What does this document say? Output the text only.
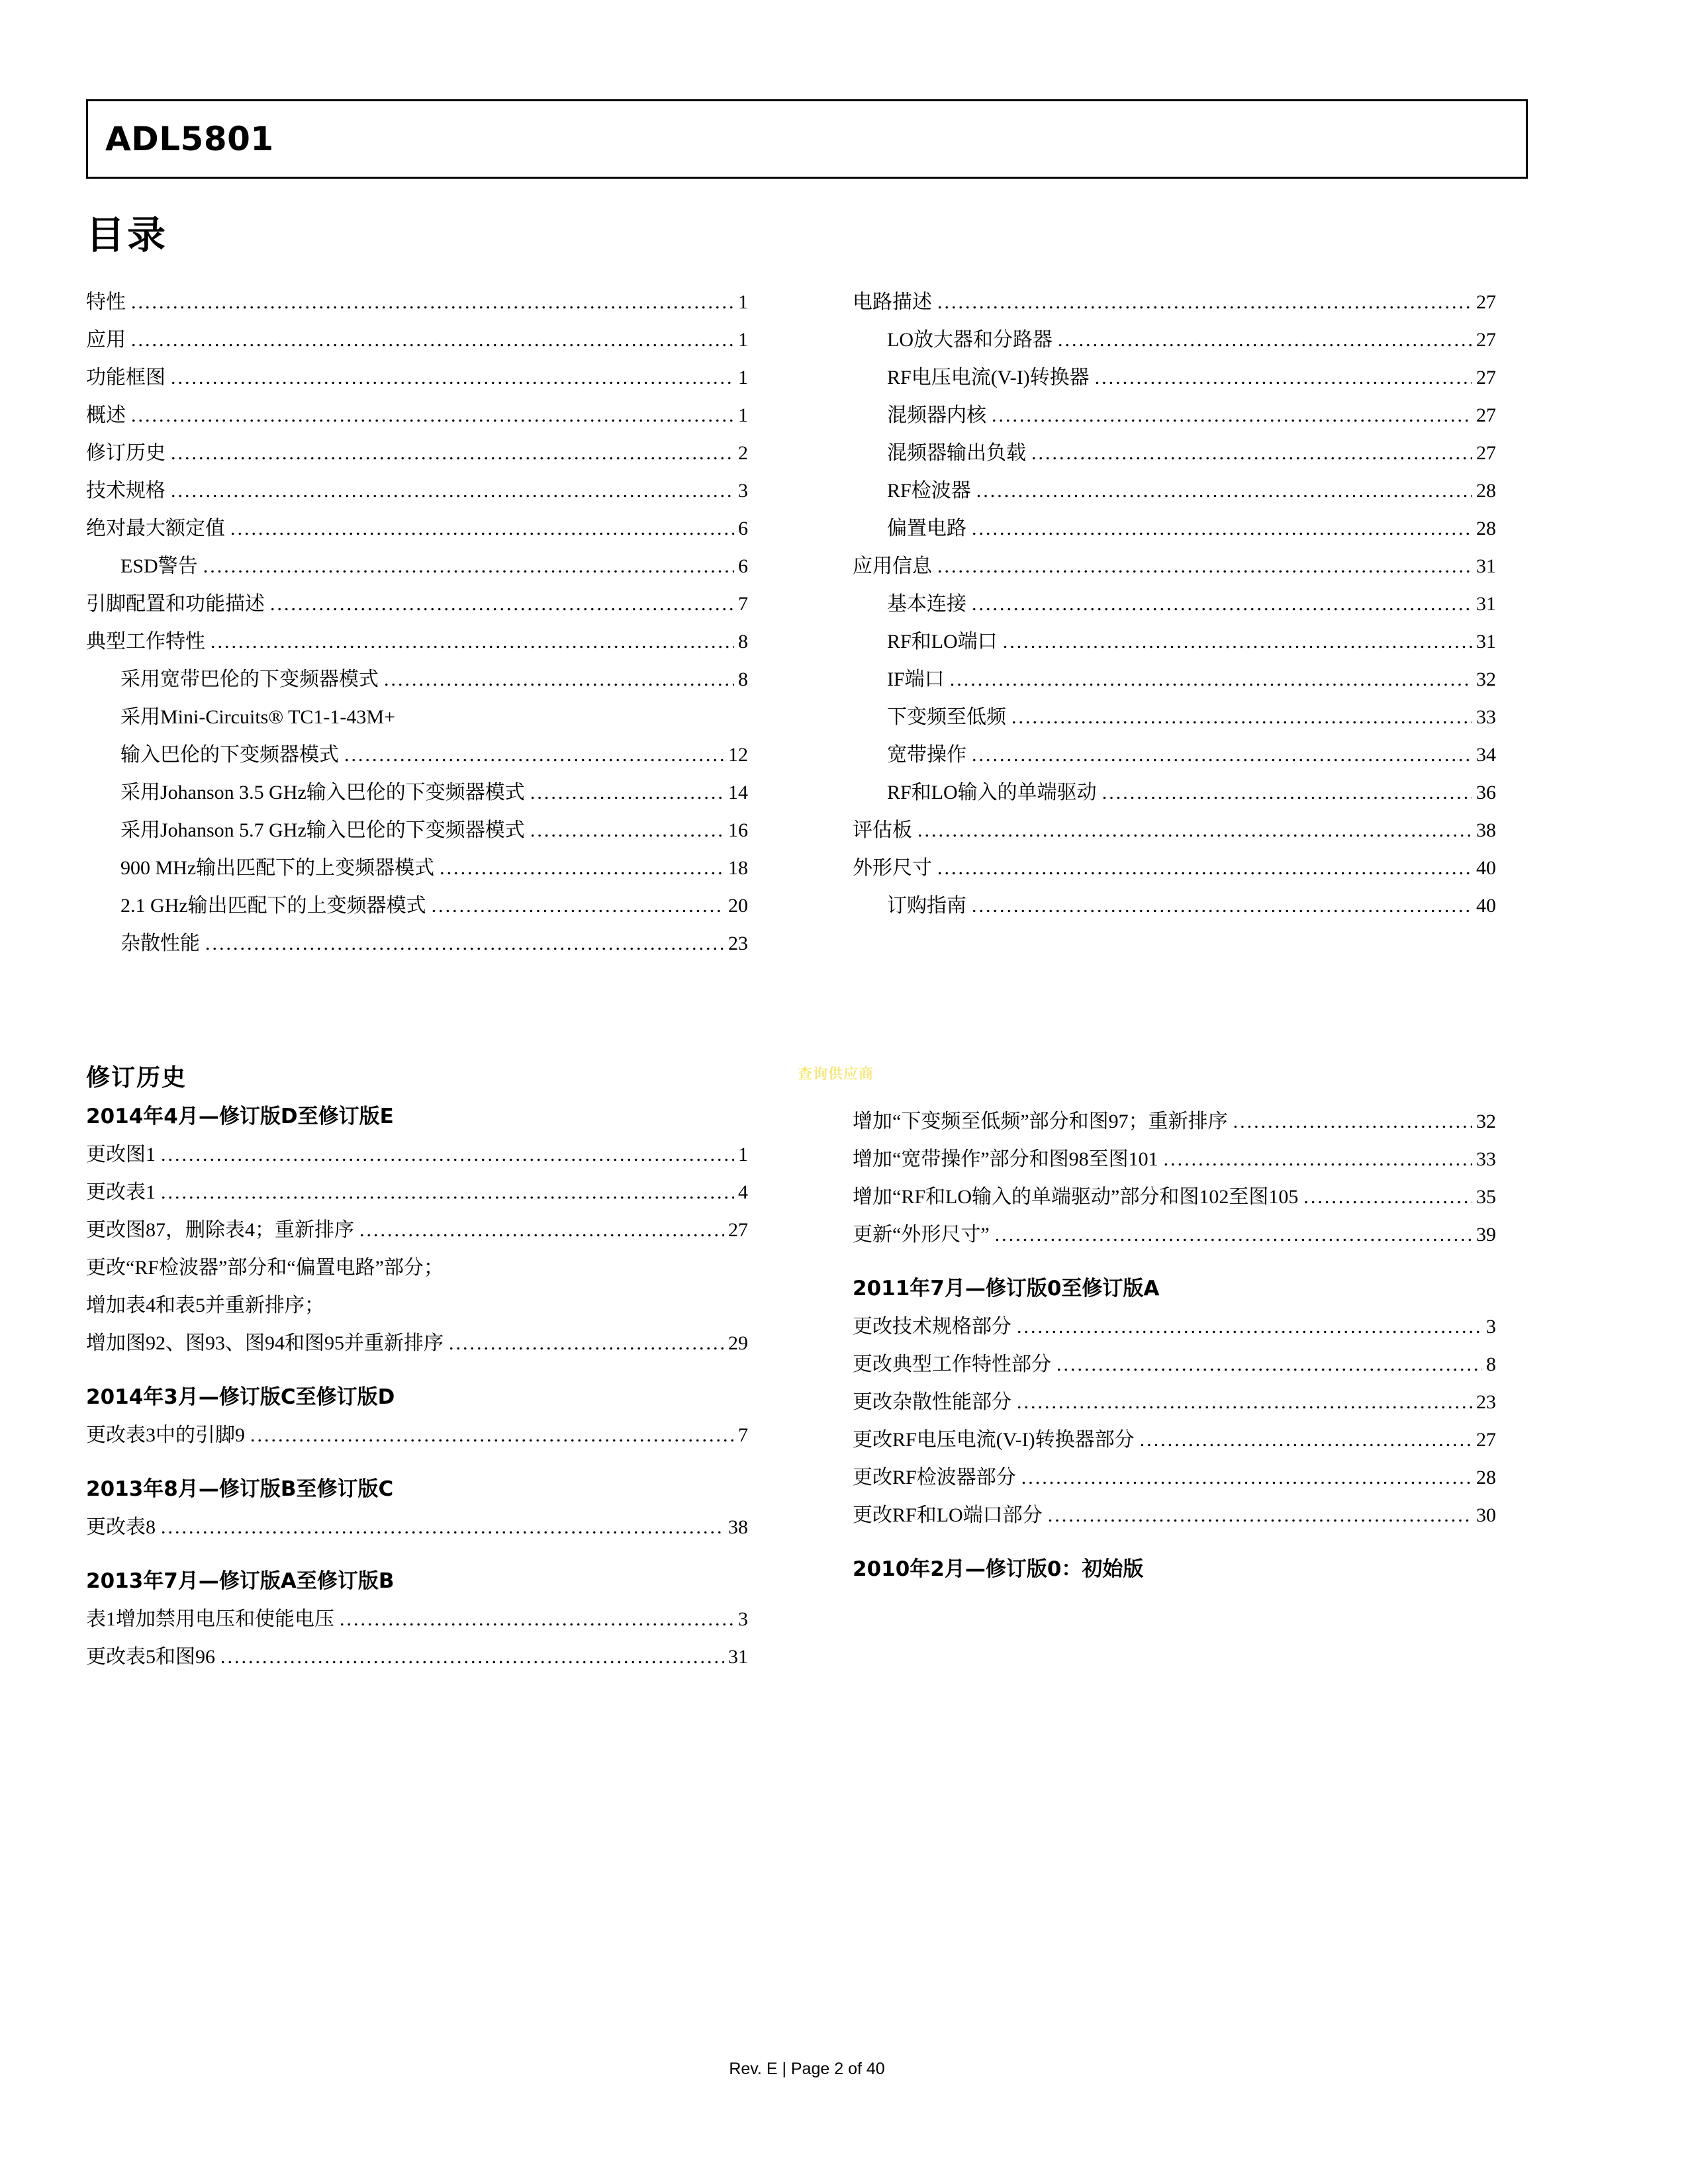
ADL5801
目录
特性 .....	1
应用 .....	1
功能框图 .....	1
概述 .....	1
修订历史 .....	2
技术规格 .....	3
绝对最大额定值 .....	6
ESD警告 .....	6
引脚配置和功能描述 .....	7
典型工作特性 .....	8
采用宽带巴伦的下变频器模式 .....	8
采用Mini-Circuits® TC1-1-43M+
输入巴伦的下变频器模式 .....	12
采用Johanson 3.5 GHz输入巴伦的下变频器模式 .....	14
采用Johanson 5.7 GHz输入巴伦的下变频器模式 .....	16
900 MHz输出匹配下的上变频器模式 .....	18
2.1 GHz输出匹配下的上变频器模式 .....	20
杂散性能 .....	23
电路描述 .....	27
LO放大器和分路器 .....	27
RF电压电流(V-I)转换器 .....	27
混频器内核 .....	27
混频器输出负载 .....	27
RF检波器 .....	28
偏置电路 .....	28
应用信息 .....	31
基本连接 .....	31
RF和LO端口 .....	31
IF端口 .....	32
下变频至低频 .....	33
宽带操作 .....	34
RF和LO输入的单端驱动 .....	36
评估板 .....	38
外形尺寸 .....	40
订购指南 .....	40
修订历史
2014年4月—修订版D至修订版E
更改图1 .....	1
更改表1 .....	4
更改图87，删除表4；重新排序 .....	27
更改“RF检波器”部分和“偏置电路”部分；
增加表4和表5并重新排序；
增加图92、图93、图94和图95并重新排序 .....	29
2014年3月—修订版C至修订版D
更改表3中的引脚9 .....	7
2013年8月—修订版B至修订版C
更改表8 .....	38
2013年7月—修订版A至修订版B
表1增加禁用电压和使能电压 .....	3
更改表5和图96 .....	31
增加“下变频至低频”部分和图97；重新排序 .....	32
增加“宽带操作”部分和图98至图101 .....	33
增加“RF和LO输入的单端驱动”部分和图102至图105 .....	35
更新“外形尺寸” .....	39
2011年7月—修订版0至修订版A
更改技术规格部分 .....	3
更改典型工作特性部分 .....	8
更改杂散性能部分 .....	23
更改RF电压电流(V-I)转换器部分 .....	27
更改RF检波器部分 .....	28
更改RF和LO端口部分 .....	30
2010年2月—修订版0：初始版
查询供应商
Rev. E | Page 2 of 40
